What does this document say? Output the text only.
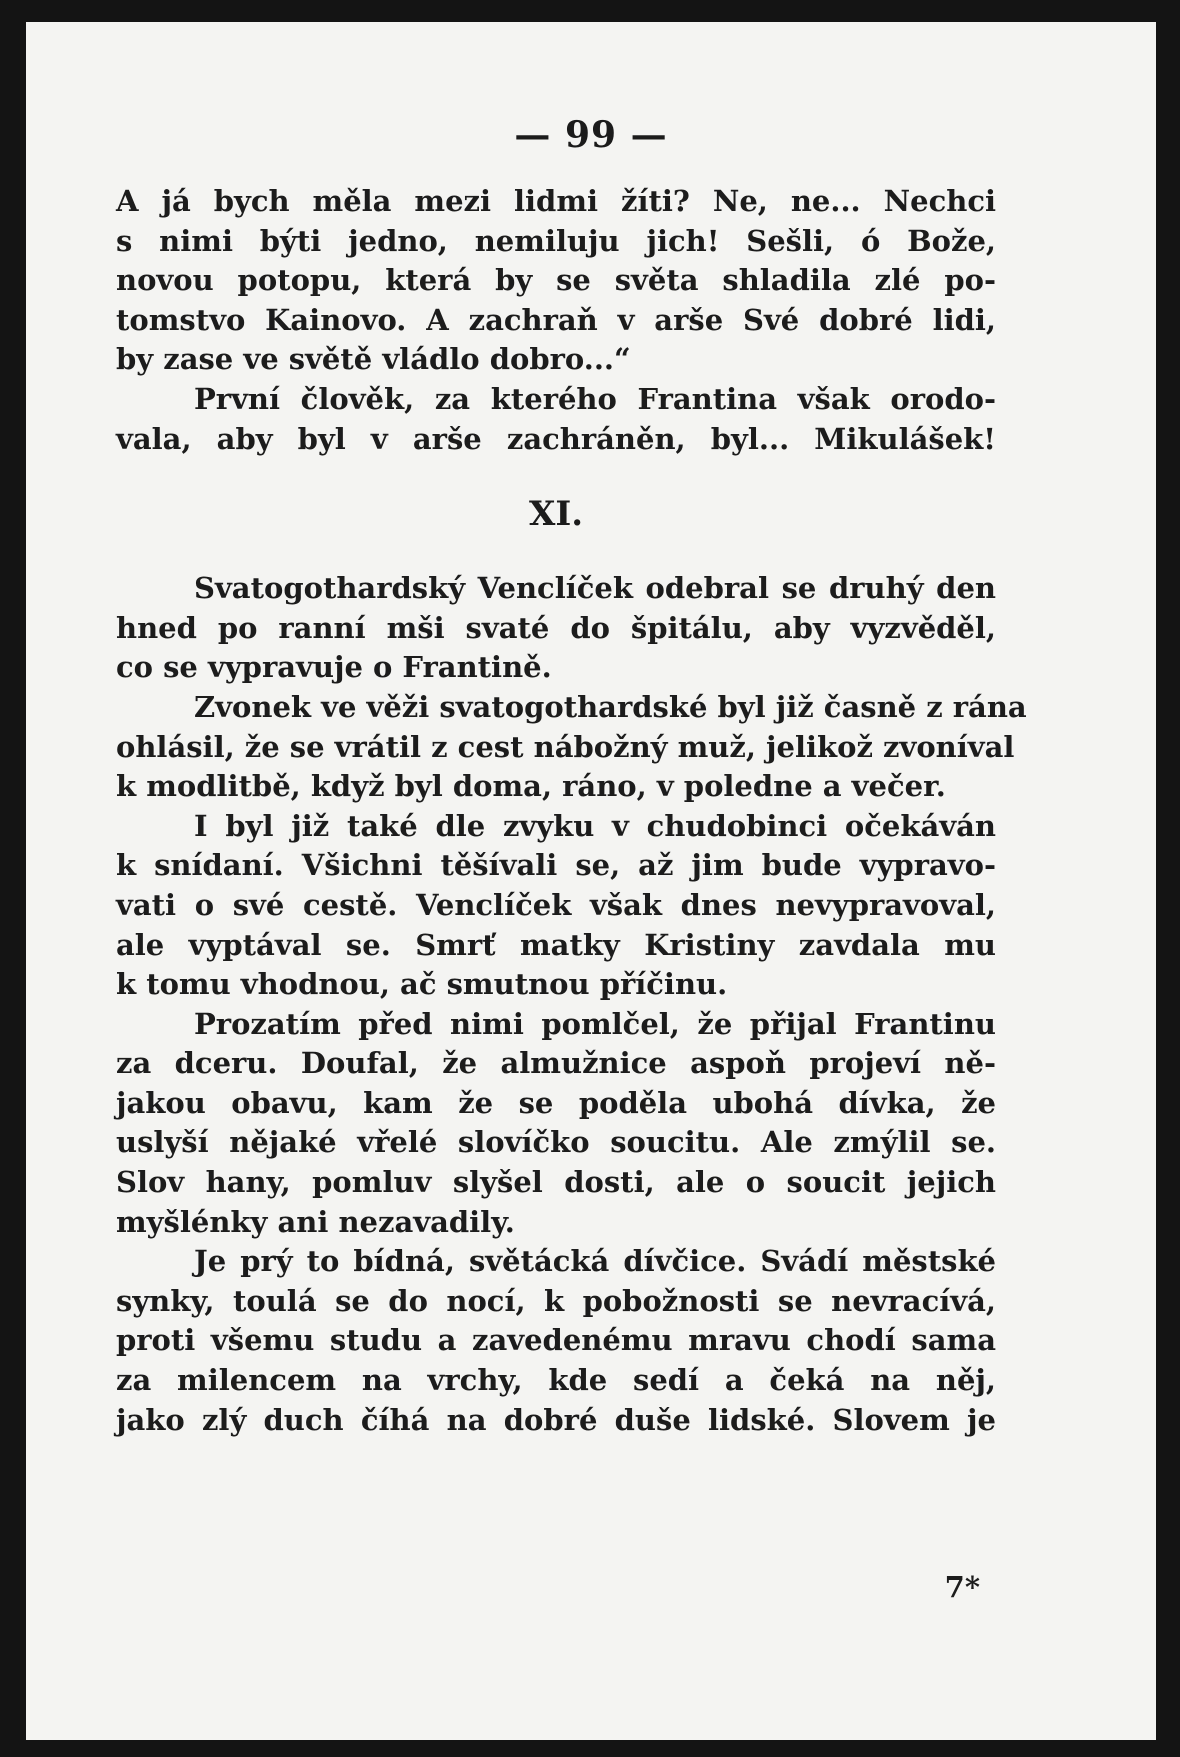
— 99 —
A já bych měla mezi lidmi žíti? Ne, ne... Nechci
s nimi býti jedno, nemiluju jich! Sešli, ó Bože,
novou potopu, která by se světa shladila zlé po-
tomstvo Kainovo. A zachraň v arše Své dobré lidi,
by zase ve světě vládlo dobro...“
První člověk, za kterého Frantina však orodo-
vala, aby byl v arše zachráněn, byl... Mikulášek!
XI.
Svatogothardský Venclíček odebral se druhý den
hned po ranní mši svaté do špitálu, aby vyzvěděl,
co se vypravuje o Frantině.
Zvonek ve věži svatogothardské byl již časně z rána
ohlásil, že se vrátil z cest nábožný muž, jelikož zvoníval
k modlitbě, když byl doma, ráno, v poledne a večer.
I byl již také dle zvyku v chudobinci očekáván
k snídaní. Všichni těšívali se, až jim bude vypravo-
vati o své cestě. Venclíček však dnes nevypravoval,
ale vyptával se. Smrť matky Kristiny zavdala mu
k tomu vhodnou, ač smutnou příčinu.
Prozatím před nimi pomlčel, že přijal Frantinu
za dceru. Doufal, že almužnice aspoň projeví ně-
jakou obavu, kam že se poděla ubohá dívka, že
uslyší nějaké vřelé slovíčko soucitu. Ale zmýlil se.
Slov hany, pomluv slyšel dosti, ale o soucit jejich
myšlénky ani nezavadily.
Je prý to bídná, světácká dívčice. Svádí městské
synky, toulá se do nocí, k pobožnosti se nevracívá,
proti všemu studu a zavedenému mravu chodí sama
za milencem na vrchy, kde sedí a čeká na něj,
jako zlý duch číhá na dobré duše lidské. Slovem je
7*
